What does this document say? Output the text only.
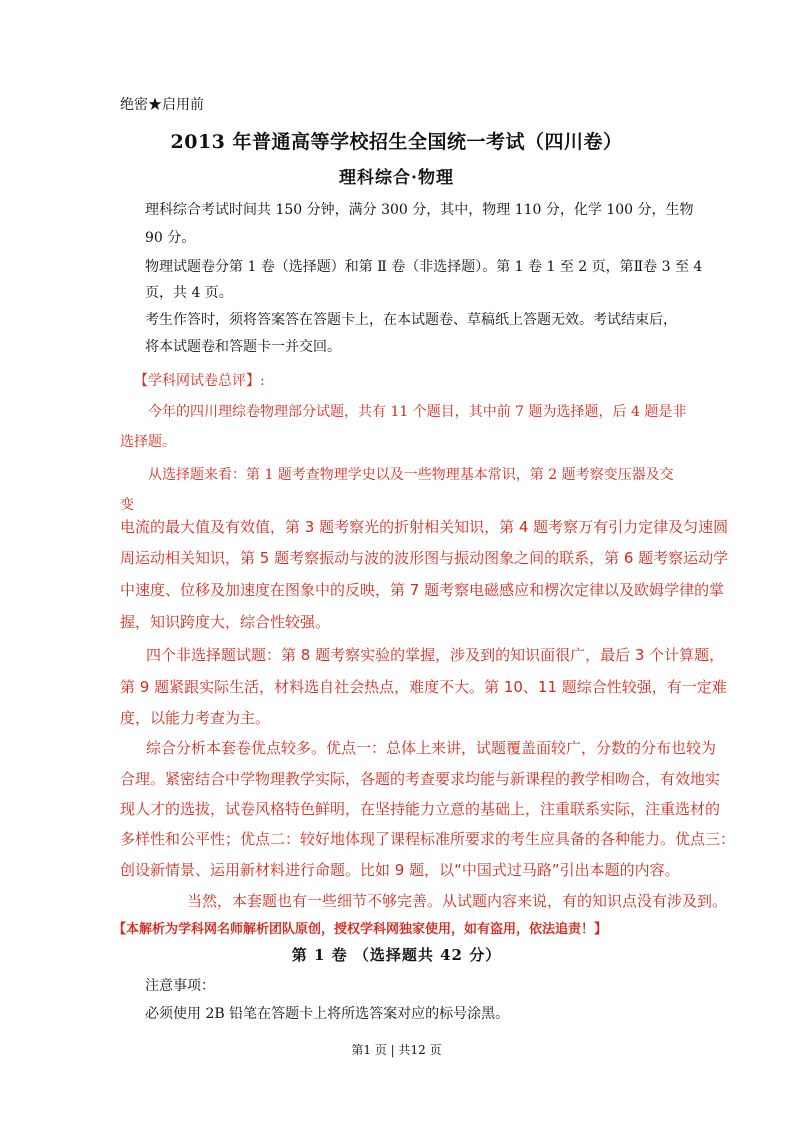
绝密★启用前
2013 年普通高等学校招生全国统一考试（四川卷）
理科综合·物理
理科综合考试时间共 150 分钟，满分 300 分，其中，物理 110 分，化学 100 分，生物
90 分。
物理试题卷分第 1 卷（选择题）和第 Ⅱ 卷（非选择题）。第 1 卷 1 至 2 页，第Ⅱ卷 3 至 4
页，共 4 页。
考生作答时，须将答案答在答题卡上，在本试题卷、草稿纸上答题无效。考试结束后，
将本试题卷和答题卡一并交回。
【学科网试卷总评】:
今年的四川理综卷物理部分试题，共有 11 个题目，其中前 7 题为选择题，后 4 题是非
选择题。
从选择题来看：第 1 题考查物理学史以及一些物理基本常识，第 2 题考察变压器及交
变
电流的最大值及有效值，第 3 题考察光的折射相关知识，第 4 题考察万有引力定律及匀速圆
周运动相关知识，第 5 题考察振动与波的波形图与振动图象之间的联系，第 6 题考察运动学
中速度、位移及加速度在图象中的反映，第 7 题考察电磁感应和楞次定律以及欧姆学律的掌
握，知识跨度大，综合性较强。
四个非选择题试题：第 8 题考察实验的掌握，涉及到的知识面很广，最后 3 个计算题，
第 9 题紧跟实际生活，材料选自社会热点，难度不大。第 10、11 题综合性较强，有一定难
度，以能力考查为主。
综合分析本套卷优点较多。优点一：总体上来讲，试题覆盖面较广，分数的分布也较为
合理。紧密结合中学物理教学实际，各题的考查要求均能与新课程的教学相吻合，有效地实
现人才的选拔，试卷风格特色鲜明，在坚持能力立意的基础上，注重联系实际，注重选材的
多样性和公平性；优点二：较好地体现了课程标准所要求的考生应具备的各种能力。优点三：
创设新情景、运用新材料进行命题。比如 9 题，以“中国式过马路”引出本题的内容。
当然，本套题也有一些细节不够完善。从试题内容来说，有的知识点没有涉及到。
【本解析为学科网名师解析团队原创，授权学科网独家使用，如有盗用，依法追责！】
第 1 卷 （选择题共 42 分）
注意事项：
必须使用 2B 铅笔在答题卡上将所选答案对应的标号涂黑。
第1 页 | 共12 页
